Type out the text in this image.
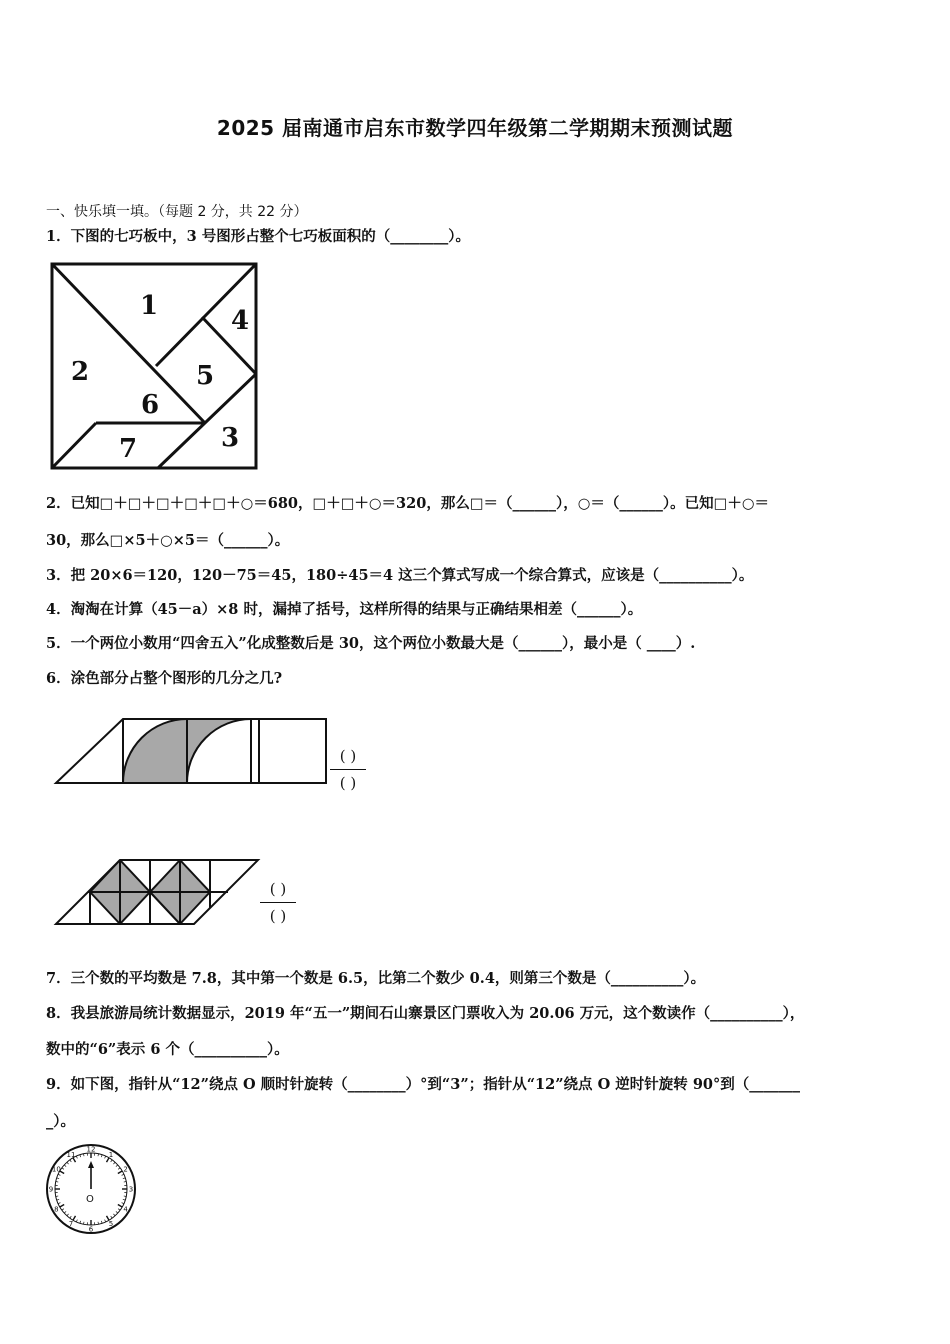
2025 届南通市启东市数学四年级第二学期期末预测试题
一、快乐填一填。（每题 2 分，共 22 分）
1．下图的七巧板中，3 号图形占整个七巧板面积的（________）。
1
2
3
4
5
6
7
2．已知□＋□＋□＋□＋□＋○＝680，□＋□＋○＝320，那么□＝（______），○＝（______）。已知□＋○＝
30，那么□×5＋○×5＝（______）。
3．把 20×6＝120，120－75＝45，180÷45＝4 这三个算式写成一个综合算式，应该是（__________）。
4．淘淘在计算（45－a）×8 时，漏掉了括号，这样所得的结果与正确结果相差（______）。
5．一个两位小数用“四舍五入”化成整数后是 30，这个两位小数最大是（______），最小是（ ____）.
6．涂色部分占整个图形的几分之几?
( )
( )
( )
( )
7．三个数的平均数是 7.8，其中第一个数是 6.5，比第二个数少 0.4，则第三个数是（__________）。
8．我县旅游局统计数据显示，2019 年“五一”期间石山寨景区门票收入为 20.06 万元，这个数读作（__________），
数中的“6”表示 6 个（__________）。
9．如下图，指针从“12”绕点 O 顺时针旋转（________）°到“3”；指针从“12”绕点 O 逆时针旋转 90°到（_______
_）。
O
12
1
2
3
4
5
6
7
8
9
10
11
